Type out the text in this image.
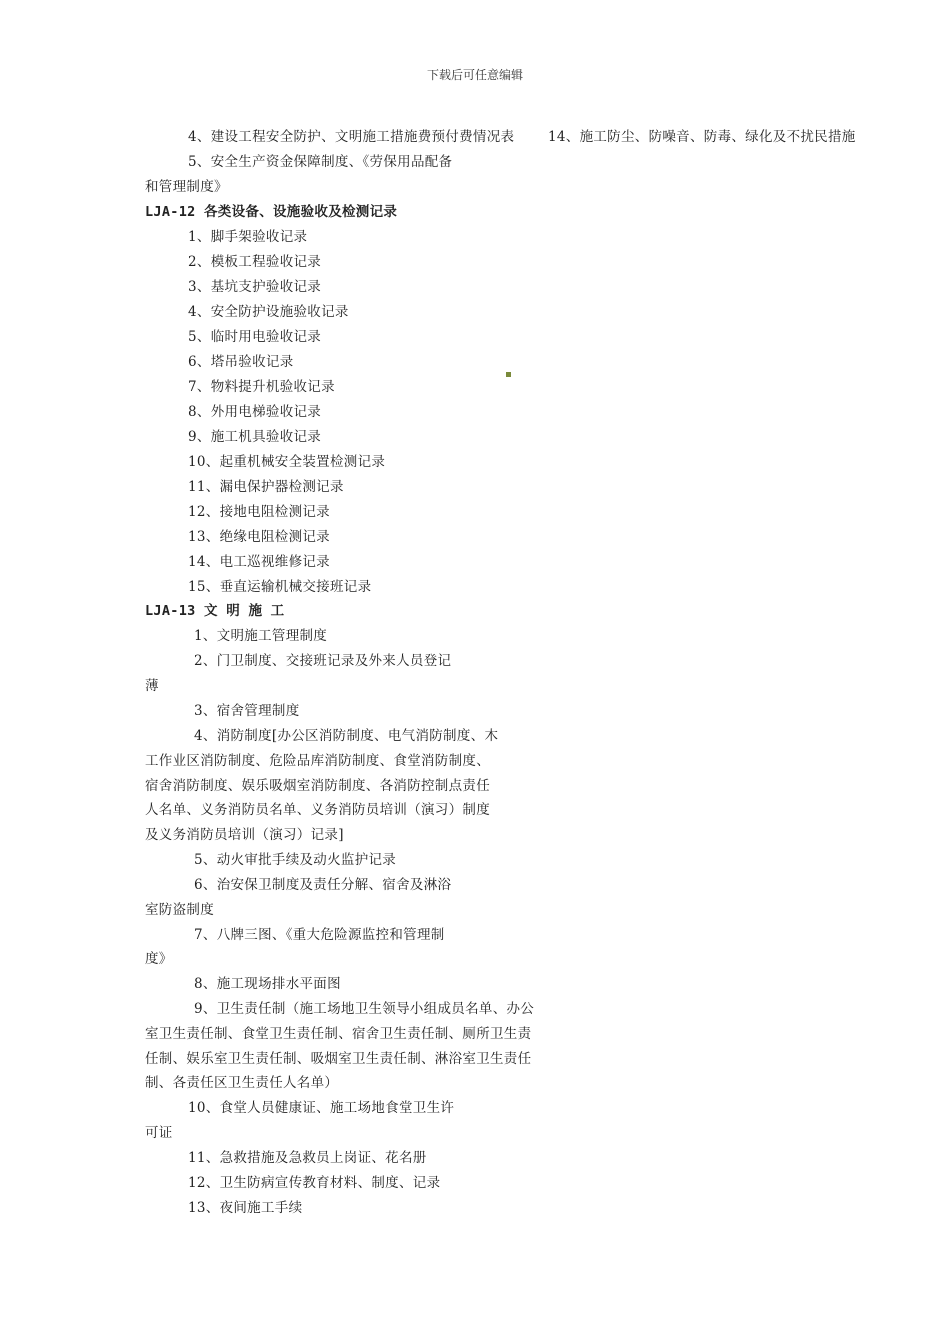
下载后可任意编辑
4、建设工程安全防护、文明施工措施费预付费情况表 14、施工防尘、防噪音、防毒、绿化及不扰民措施
5、安全生产资金保障制度、《劳保用品配备
和管理制度》
LJA-12 各类设备、设施验收及检测记录
1、脚手架验收记录
2、模板工程验收记录
3、基坑支护验收记录
4、安全防护设施验收记录
5、临时用电验收记录
6、塔吊验收记录
7、物料提升机验收记录
8、外用电梯验收记录
9、施工机具验收记录
10、起重机械安全装置检测记录
11、漏电保护器检测记录
12、接地电阻检测记录
13、绝缘电阻检测记录
14、电工巡视维修记录
15、垂直运输机械交接班记录
LJA-13 文 明 施 工
1、文明施工管理制度
2、门卫制度、交接班记录及外来人员登记
薄
3、宿舍管理制度
4、消防制度[办公区消防制度、电气消防制度、木
工作业区消防制度、危险品库消防制度、食堂消防制度、
宿舍消防制度、娱乐吸烟室消防制度、各消防控制点责任
人名单、义务消防员名单、义务消防员培训（演习）制度
及义务消防员培训（演习）记录]
5、动火审批手续及动火监护记录
6、治安保卫制度及责任分解、宿舍及淋浴
室防盗制度
7、八牌三图、《重大危险源监控和管理制
度》
8、施工现场排水平面图
9、卫生责任制（施工场地卫生领导小组成员名单、办公
室卫生责任制、食堂卫生责任制、宿舍卫生责任制、厕所卫生责
任制、娱乐室卫生责任制、吸烟室卫生责任制、淋浴室卫生责任
制、各责任区卫生责任人名单）
10、食堂人员健康证、施工场地食堂卫生许
可证
11、急救措施及急救员上岗证、花名册
12、卫生防病宣传教育材料、制度、记录
13、夜间施工手续
